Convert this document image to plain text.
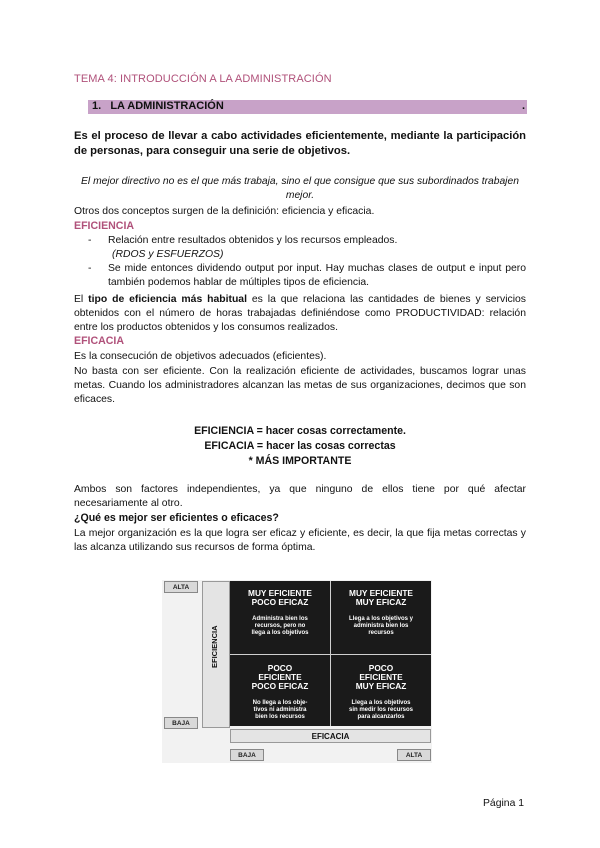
TEMA 4: INTRODUCCIÓN A LA ADMINISTRACIÓN
1.   LA ADMINISTRACIÓN	.
Es el proceso de llevar a cabo actividades eficientemente, mediante la participación de personas, para conseguir una serie de objetivos.
El mejor directivo no es el que más trabaja, sino el que consigue que sus subordinados trabajen mejor.
Otros dos conceptos surgen de la definición: eficiencia y eficacia.
EFICIENCIA
- Relación entre resultados obtenidos y los recursos empleados.
(RDOS y ESFUERZOS)
- Se mide entonces dividendo output por input. Hay muchas clases de output e input pero también podemos hablar de múltiples tipos de eficiencia.
El tipo de eficiencia más habitual es la que relaciona las cantidades de bienes y servicios obtenidos con el número de horas trabajadas definiéndose como PRODUCTIVIDAD: relación entre los productos obtenidos y los consumos realizados.
EFICACIA
Es la consecución de objetivos adecuados (eficientes).
No basta con ser eficiente. Con la realización eficiente de actividades, buscamos lograr unas metas. Cuando los administradores alcanzan las metas de sus organizaciones, decimos que son eficaces.
EFICIENCIA = hacer cosas correctamente.
EFICACIA = hacer las cosas correctas
* MÁS IMPORTANTE
Ambos son factores independientes, ya que ninguno de ellos tiene por qué afectar necesariamente al otro.
¿Qué es mejor ser eficientes o eficaces?
La mejor organización es la que logra ser eficaz y eficiente, es decir, la que fija metas correctas y las alcanza utilizando sus recursos de forma óptima.
ALTA
BAJA
EFICIENCIA
MUY EFICIENTE
POCO EFICAZ
Administra bien los
recursos, pero no
llega a los objetivos
MUY EFICIENTE
MUY EFICAZ
Llega a los objetivos y
administra bien los
recursos
POCO
EFICIENTE
POCO EFICAZ
No llega a los obje-
tivos ni administra
bien los recursos
POCO
EFICIENTE
MUY EFICAZ
Llega a los objetivos
sin medir los recursos
para alcanzarlos
EFICACIA
BAJA	ALTA
Página 1
